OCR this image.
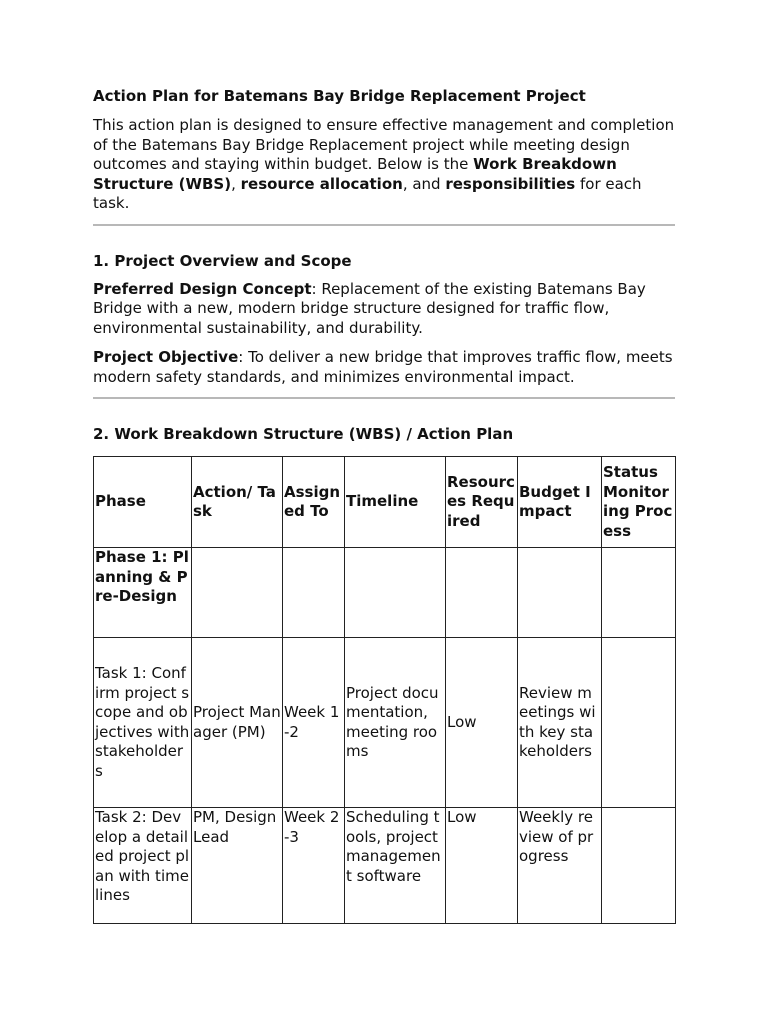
Action Plan for Batemans Bay Bridge Replacement Project

This action plan is designed to ensure effective management and completion of the Batemans Bay Bridge Replacement project while meeting design outcomes and staying within budget. Below is the Work Breakdown Structure (WBS), resource allocation, and responsibilities for each task.

1. Project Overview and Scope

Preferred Design Concept: Replacement of the existing Batemans Bay Bridge with a new, modern bridge structure designed for traffic flow, environmental sustainability, and durability.

Project Objective: To deliver a new bridge that improves traffic flow, meets modern safety standards, and minimizes environmental impact.

2. Work Breakdown Structure (WBS) / Action Plan
Phase	Action/ Task	Assigned To	Timeline	Resources Required	Budget Impact	Status Monitoring Process
Phase 1: Planning & Pre-Design						
Task 1: Confirm project scope and objectives with stakeholders	Project Manager (PM)	Week 1-2	Project documentation, meeting rooms	Low	Review meetings with key stakeholders	
Task 2: Develop a detailed project plan with timelines	PM, Design Lead	Week 2-3	Scheduling tools, project management software	Low	Weekly review of progress	
